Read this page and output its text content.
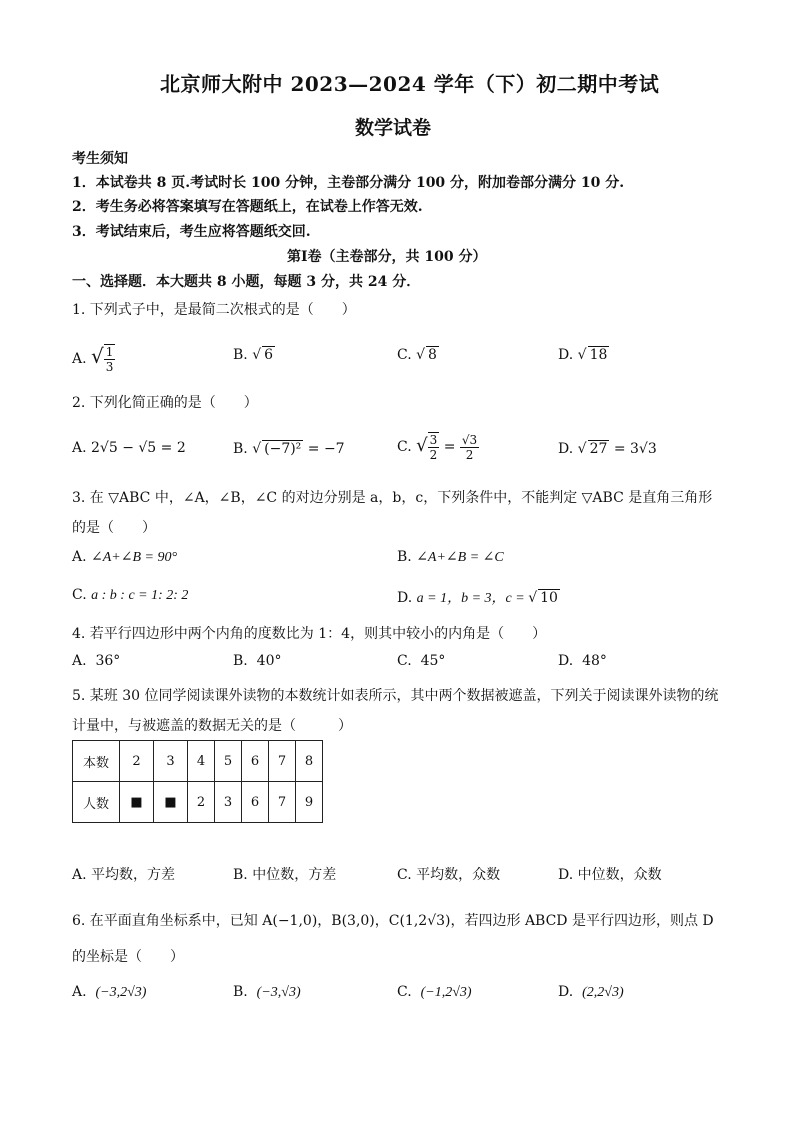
北京师大附中 2023—2024 学年（下）初二期中考试
数学试卷
考生须知
1．本试卷共 8 页.考试时长 100 分钟，主卷部分满分 100 分，附加卷部分满分 10 分.
2．考生务必将答案填写在答题纸上，在试卷上作答无效.
3．考试结束后，考生应将答题纸交回.
第Ⅰ卷（主卷部分，共 100 分）
一、选择题．本大题共 8 小题，每题 3 分，共 24 分．
1. 下列式子中，是最简二次根式的是（　　）
A. √ $\frac{1}{3}$	B. √ 6	C. √ 8	D. √ 18
2. 下列化简正确的是（　　）
A. 2√5 − √5 = 2	B. √ (−7)² = −7	C. √ $\frac{3}{2} = \frac{√3}{2}$	D. √ 27 = 3√3
3. 在 ▽ABC 中，∠A，∠B，∠C 的对边分别是 a，b，c，下列条件中，不能判定 ▽ABC 是直角三角形
的是（　　）
A. ∠A+∠B = 90°	B. ∠A+∠B = ∠C
C. a : b : c = 1: 2: 2	D. a = 1，b = 3，c = √ 10
4. 若平行四边形中两个内角的度数比为 1：4，则其中较小的内角是（　　）
A. 36°	B. 40°	C. 45°	D. 48°
5. 某班 30 位同学阅读课外读物的本数统计如表所示，其中两个数据被遮盖，下列关于阅读课外读物的统
计量中，与被遮盖的数据无关的是（　　　）
本数	2	3	4	5	6	7	8
人数	■	■	2	3	6	7	9
A. 平均数，方差	B. 中位数，方差	C. 平均数，众数	D. 中位数，众数
6. 在平面直角坐标系中，已知 A(−1,0)，B(3,0)，C(1,2√3)，若四边形 ABCD 是平行四边形，则点 D
的坐标是（　　）
A. (−3,2√3)	B. (−3,√3)	C. (−1,2√3)	D. (2,2√3)
